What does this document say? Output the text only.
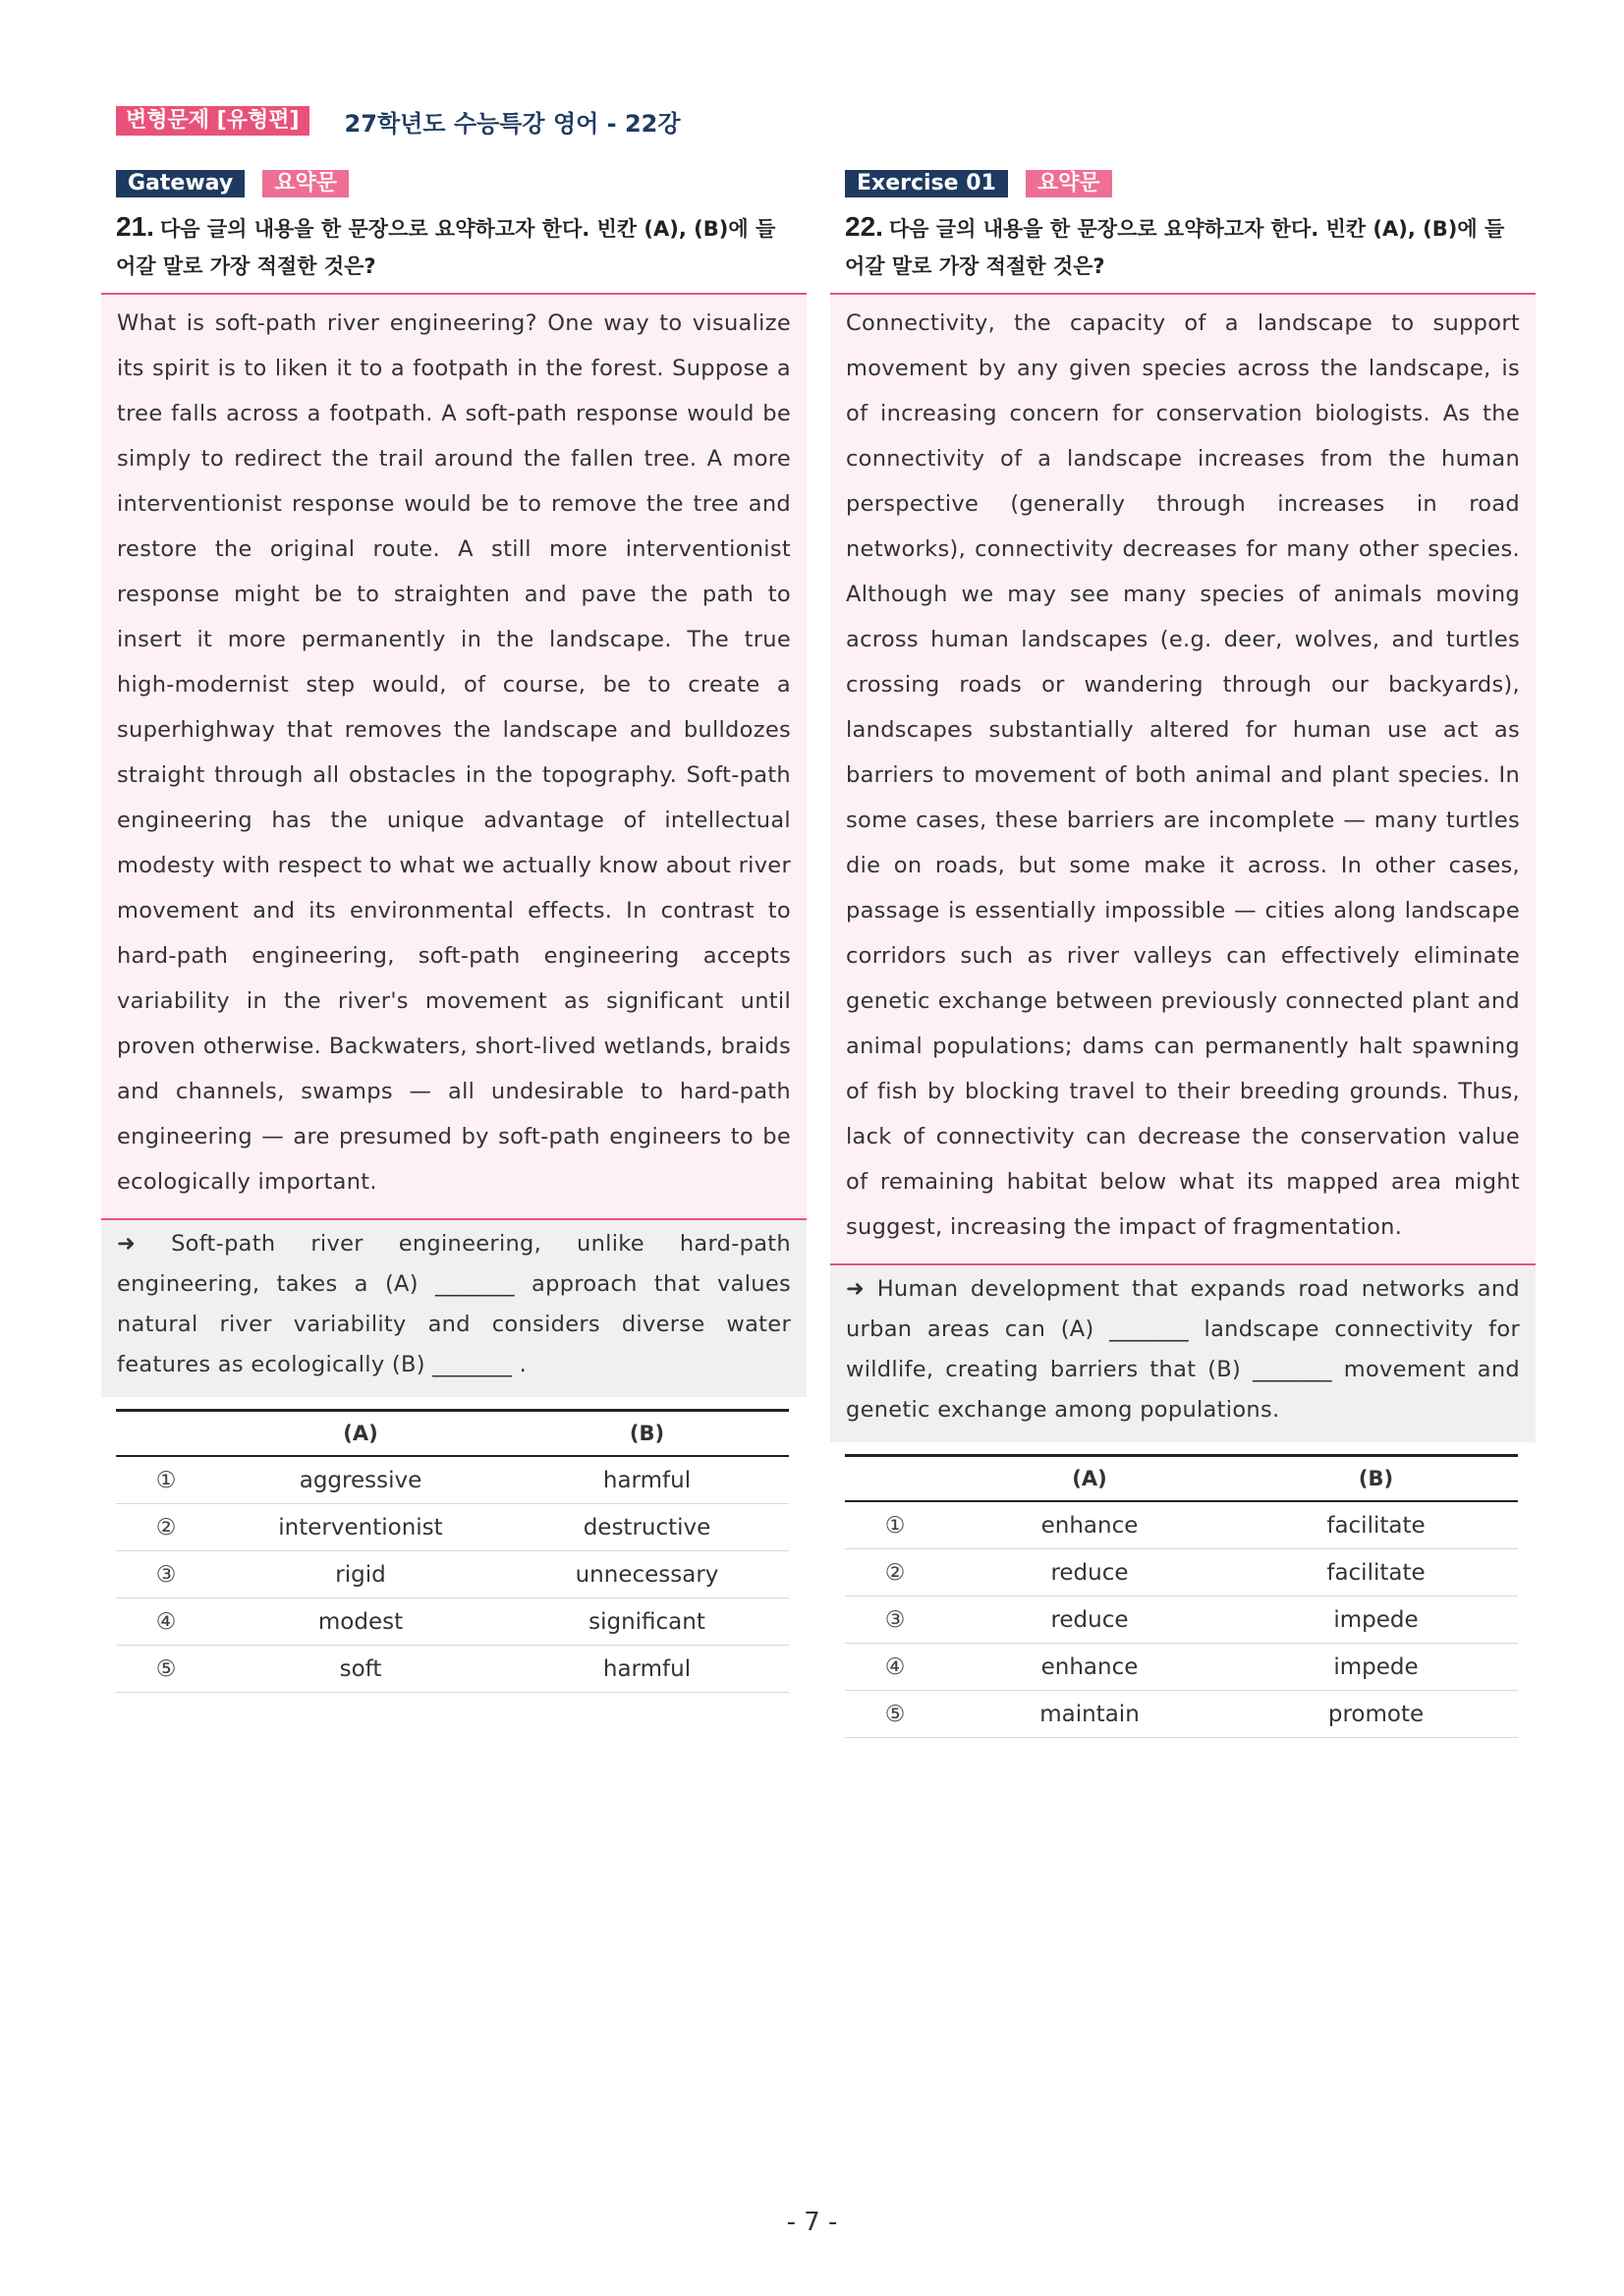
변형문제 [유형편]	27학년도 수능특강 영어 - 22강
Gateway	요약문
21. 다음 글의 내용을 한 문장으로 요약하고자 한다. 빈칸 (A), (B)에 들어갈 말로 가장 적절한 것은?

What is soft-path river engineering? One way to visualize its spirit is to liken it to a footpath in the forest. Suppose a tree falls across a footpath. A soft-path response would be simply to redirect the trail around the fallen tree. A more interventionist response would be to remove the tree and restore the original route. A still more interventionist response might be to straighten and pave the path to insert it more permanently in the landscape. The true high-modernist step would, of course, be to create a superhighway that removes the landscape and bulldozes straight through all obstacles in the topography. Soft-path engineering has the unique advantage of intellectual modesty with respect to what we actually know about river movement and its environmental effects. In contrast to hard-path engineering, soft-path engineering accepts variability in the river's movement as significant until proven otherwise. Backwaters, short-lived wetlands, braids and channels, swamps — all undesirable to hard-path engineering — are presumed by soft-path engineers to be ecologically important.

➜ Soft-path river engineering, unlike hard-path engineering, takes a (A) _______ approach that values natural river variability and considers diverse water features as ecologically (B) _______ .

	(A)	(B)
①	aggressive	harmful
②	interventionist	destructive
③	rigid	unnecessary
④	modest	significant
⑤	soft	harmful
Exercise 01	요약문
22. 다음 글의 내용을 한 문장으로 요약하고자 한다. 빈칸 (A), (B)에 들어갈 말로 가장 적절한 것은?

Connectivity, the capacity of a landscape to support movement by any given species across the landscape, is of increasing concern for conservation biologists. As the connectivity of a landscape increases from the human perspective (generally through increases in road networks), connectivity decreases for many other species. Although we may see many species of animals moving across human landscapes (e.g. deer, wolves, and turtles crossing roads or wandering through our backyards), landscapes substantially altered for human use act as barriers to movement of both animal and plant species. In some cases, these barriers are incomplete — many turtles die on roads, but some make it across. In other cases, passage is essentially impossible — cities along landscape corridors such as river valleys can effectively eliminate genetic exchange between previously connected plant and animal populations; dams can permanently halt spawning of fish by blocking travel to their breeding grounds. Thus, lack of connectivity can decrease the conservation value of remaining habitat below what its mapped area might suggest, increasing the impact of fragmentation.

➜ Human development that expands road networks and urban areas can (A) _______ landscape connectivity for wildlife, creating barriers that (B) _______ movement and genetic exchange among populations.

	(A)	(B)
①	enhance	facilitate
②	reduce	facilitate
③	reduce	impede
④	enhance	impede
⑤	maintain	promote
- 7 -
